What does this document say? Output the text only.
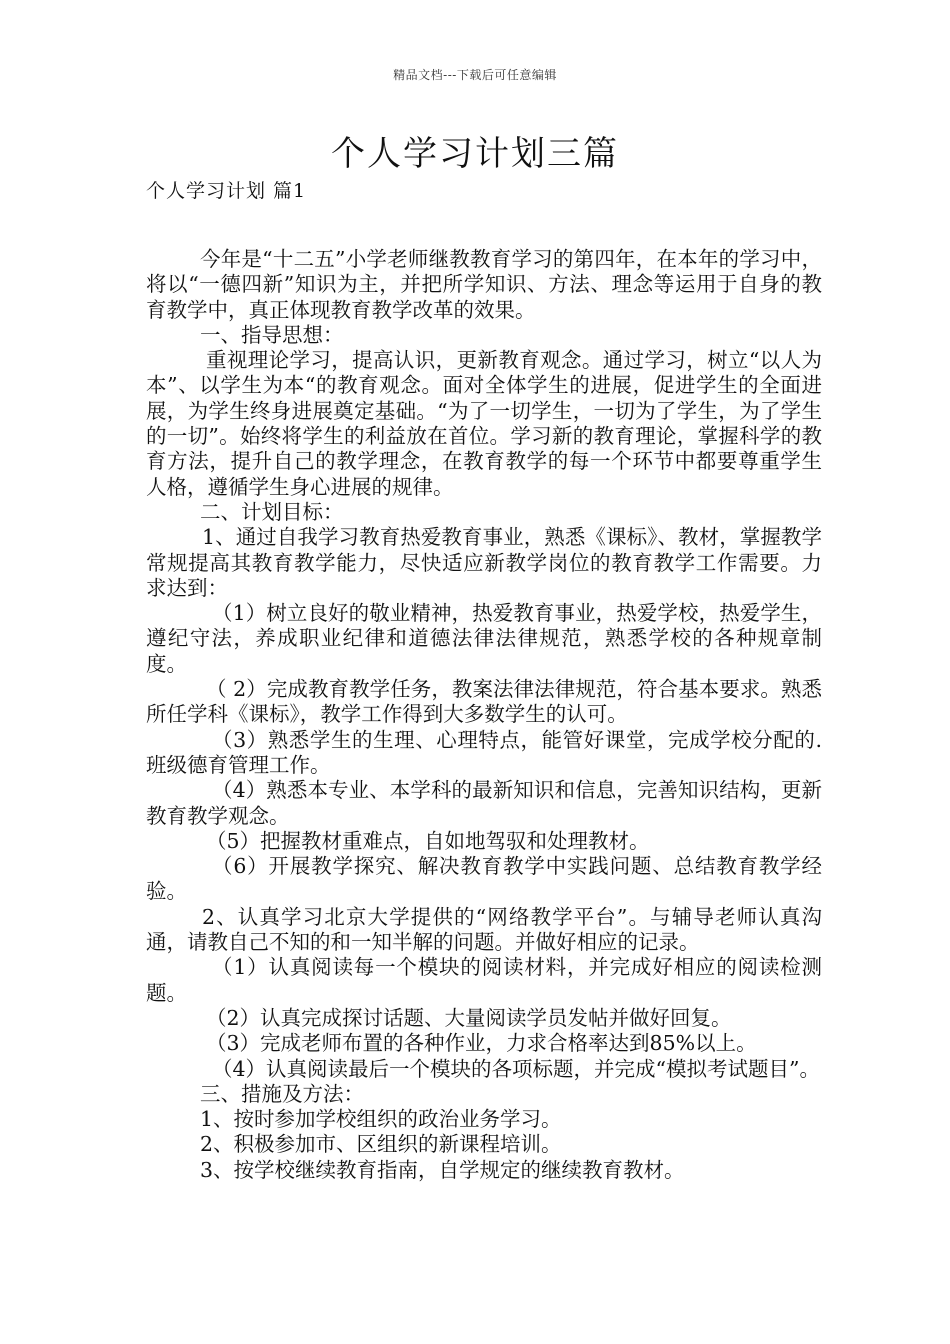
精品文档---下载后可任意编辑
个人学习计划三篇
个人学习计划 篇1

今年是“十二五”小学老师继教教育学习的第四年，在本年的学习中，将以“一德四新”知识为主，并把所学知识、方法、理念等运用于自身的教育教学中，真正体现教育教学改革的效果。

一、指导思想：

重视理论学习，提高认识，更新教育观念。通过学习，树立“以人为本”、以学生为本“的教育观念。面对全体学生的进展，促进学生的全面进展，为学生终身进展奠定基础。“为了一切学生，一切为了学生，为了学生的一切”。始终将学生的利益放在首位。学习新的教育理论，掌握科学的教育方法，提升自己的教学理念，在教育教学的每一个环节中都要尊重学生人格，遵循学生身心进展的规律。

二、计划目标：

1、通过自我学习教育热爱教育事业，熟悉《课标》、教材，掌握教学常规提高其教育教学能力，尽快适应新教学岗位的教育教学工作需要。力求达到：

（1）树立良好的敬业精神，热爱教育事业，热爱学校，热爱学生，遵纪守法，养成职业纪律和道德法律法律规范，熟悉学校的各种规章制度。

（ 2）完成教育教学任务，教案法律法律规范，符合基本要求。熟悉所任学科《课标》，教学工作得到大多数学生的认可。

（3）熟悉学生的生理、心理特点，能管好课堂，完成学校分配的.班级德育管理工作。

（4）熟悉本专业、本学科的最新知识和信息，完善知识结构，更新教育教学观念。

（5）把握教材重难点，自如地驾驭和处理教材。

（6）开展教学探究、解决教育教学中实践问题、总结教育教学经验。

2、认真学习北京大学提供的“网络教学平台”。与辅导老师认真沟通，请教自己不知的和一知半解的问题。并做好相应的记录。

（1）认真阅读每一个模块的阅读材料，并完成好相应的阅读检测题。

（2）认真完成探讨话题、大量阅读学员发帖并做好回复。

（3）完成老师布置的各种作业，力求合格率达到85%以上。

（4）认真阅读最后一个模块的各项标题，并完成“模拟考试题目”。

三、措施及方法：

1、按时参加学校组织的政治业务学习。

2、积极参加市、区组织的新课程培训。

3、按学校继续教育指南，自学规定的继续教育教材。
